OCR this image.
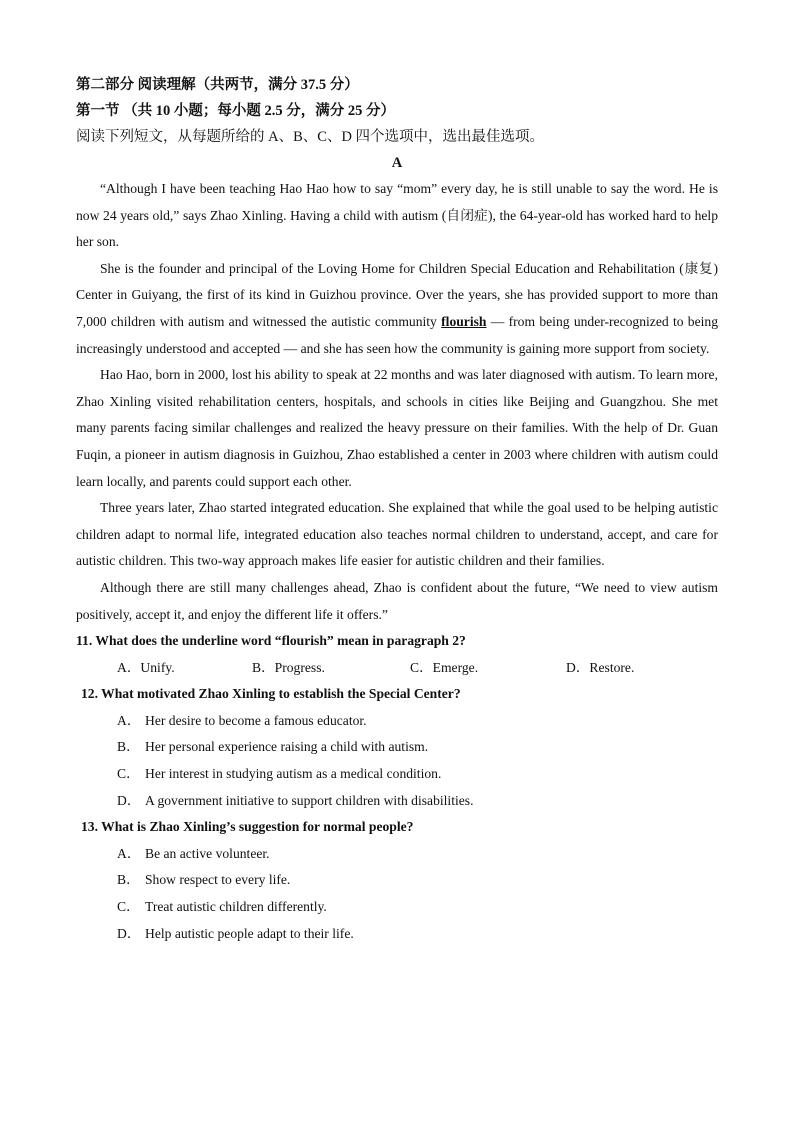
第二部分 阅读理解（共两节，满分 37.5 分）
第一节 （共 10 小题；每小题 2.5 分，满分 25 分）
阅读下列短文，从每题所给的 A、B、C、D 四个选项中，选出最佳选项。
A

“Although I have been teaching Hao Hao how to say “mom” every day, he is still unable to say the word. He is now 24 years old,” says Zhao Xinling. Having a child with autism (自闭症), the 64-year-old has worked hard to help her son.

She is the founder and principal of the Loving Home for Children Special Education and Rehabilitation (康复) Center in Guiyang, the first of its kind in Guizhou province. Over the years, she has provided support to more than 7,000 children with autism and witnessed the autistic community flourish — from being under-recognized to being increasingly understood and accepted — and she has seen how the community is gaining more support from society.

Hao Hao, born in 2000, lost his ability to speak at 22 months and was later diagnosed with autism. To learn more, Zhao Xinling visited rehabilitation centers, hospitals, and schools in cities like Beijing and Guangzhou. She met many parents facing similar challenges and realized the heavy pressure on their families. With the help of Dr. Guan Fuqin, a pioneer in autism diagnosis in Guizhou, Zhao established a center in 2003 where children with autism could learn locally, and parents could support each other.

Three years later, Zhao started integrated education. She explained that while the goal used to be helping autistic children adapt to normal life, integrated education also teaches normal children to understand, accept, and care for autistic children. This two-way approach makes life easier for autistic children and their families.

Although there are still many challenges ahead, Zhao is confident about the future, “We need to view autism positively, accept it, and enjoy the different life it offers.”

11. What does the underline word “flourish” mean in paragraph 2?

A．Unify.	B．Progress.	C．Emerge.	D．Restore.

12. What motivated Zhao Xinling to establish the Special Center?

A． Her desire to become a famous educator.

B． Her personal experience raising a child with autism.

C． Her interest in studying autism as a medical condition.

D． A government initiative to support children with disabilities.

13. What is Zhao Xinling’s suggestion for normal people?

A． Be an active volunteer.

B． Show respect to every life.

C． Treat autistic children differently.

D． Help autistic people adapt to their life.
